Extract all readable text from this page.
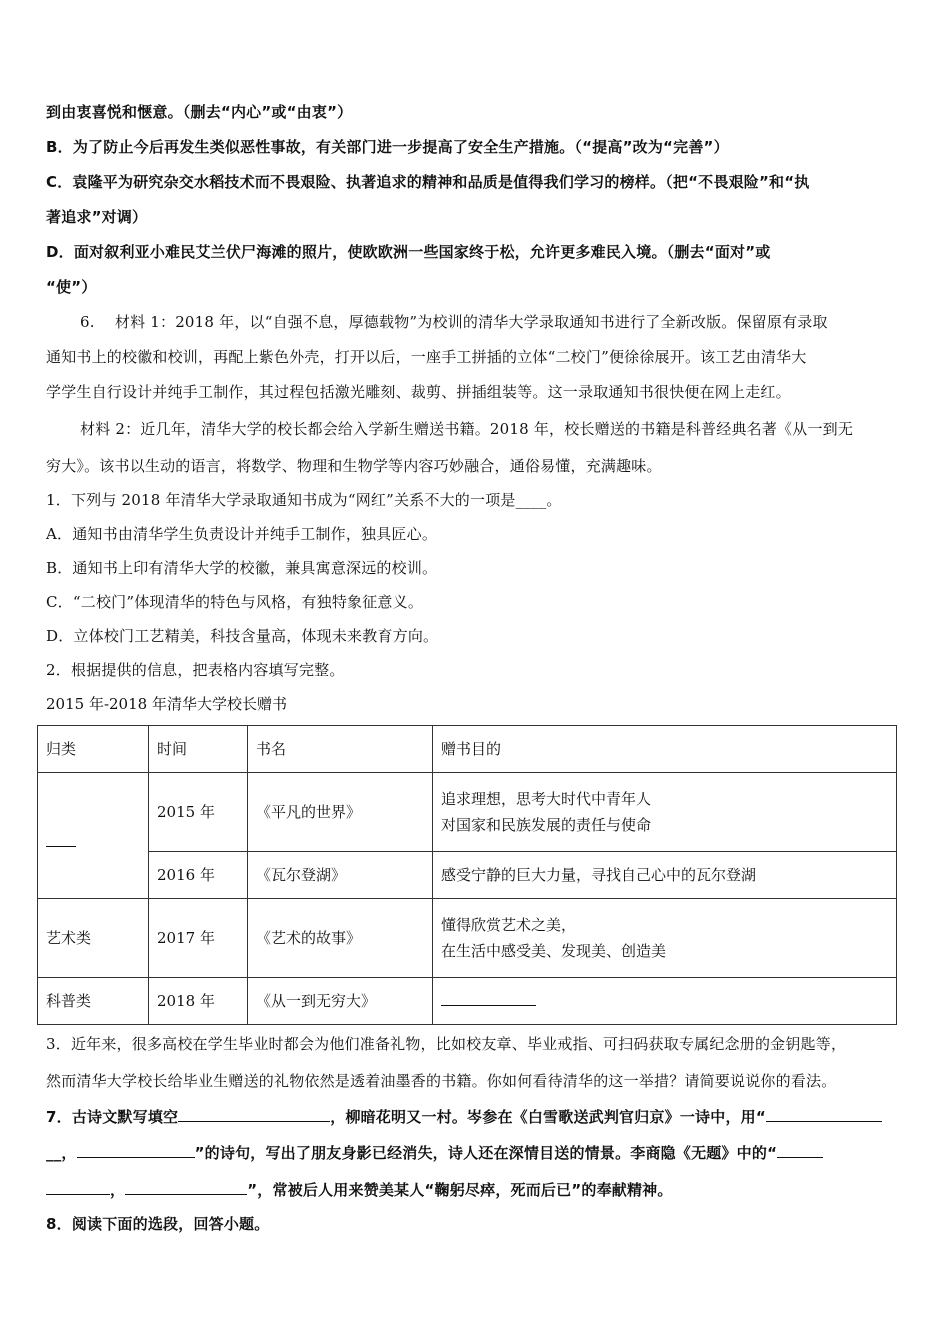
到由衷喜悦和惬意。（删去“内心”或“由衷”）
B．为了防止今后再发生类似恶性事故，有关部门进一步提高了安全生产措施。（“提高”改为“完善”）
C．袁隆平为研究杂交水稻技术而不畏艰险、执著追求的精神和品质是值得我们学习的榜样。（把“不畏艰险”和“执
著追求”对调）
D．面对叙利亚小难民艾兰伏尸海滩的照片，使欧欧洲一些国家终于松，允许更多难民入境。（删去“面对”或
“使”）
6.　 材料 1：2018 年，以“自强不息，厚德载物”为校训的清华大学录取通知书进行了全新改版。保留原有录取
通知书上的校徽和校训，再配上紫色外壳，打开以后，一座手工拼插的立体“二校门”便徐徐展开。该工艺由清华大
学学生自行设计并纯手工制作，其过程包括激光雕刻、裁剪、拼插组装等。这一录取通知书很快便在网上走红。
材料 2：近几年，清华大学的校长都会给入学新生赠送书籍。2018 年，校长赠送的书籍是科普经典名著《从一到无
穷大》。该书以生动的语言，将数学、物理和生物学等内容巧妙融合，通俗易懂，充满趣味。
1．下列与 2018 年清华大学录取通知书成为“网红”关系不大的一项是____。
A．通知书由清华学生负责设计并纯手工制作，独具匠心。
B．通知书上印有清华大学的校徽，兼具寓意深远的校训。
C．“二校门”体现清华的特色与风格，有独特象征意义。
D．立体校门工艺精美，科技含量高，体现未来教育方向。
2．根据提供的信息，把表格内容填写完整。
2015 年-2018 年清华大学校长赠书
归类	时间	书名	赠书目的
	2015 年	《平凡的世界》	追求理想，思考大时代中青年人
对国家和民族发展的责任与使命

	2016 年	《瓦尔登湖》	感受宁静的巨大力量，寻找自己心中的瓦尔登湖
艺术类	2017 年	《艺术的故事》	懂得欣赏艺术之美，
在生活中感受美、发现美、创造美

科普类	2018 年	《从一到无穷大》	
3．近年来，很多高校在学生毕业时都会为他们准备礼物，比如校友章、毕业戒指、可扫码获取专属纪念册的金钥匙等，
然而清华大学校长给毕业生赠送的礼物依然是透着油墨香的书籍。你如何看待清华的这一举措？请简要说说你的看法。
7．古诗文默写填空	，柳暗花明又一村。岑参在《白雪歌送武判官归京》一诗中，用“
__，	”的诗句，写出了朋友身影已经消失，诗人还在深情目送的情景。李商隐《无题》中的“
，	”，常被后人用来赞美某人“鞠躬尽瘁，死而后已”的奉献精神。
8．阅读下面的选段，回答小题。
